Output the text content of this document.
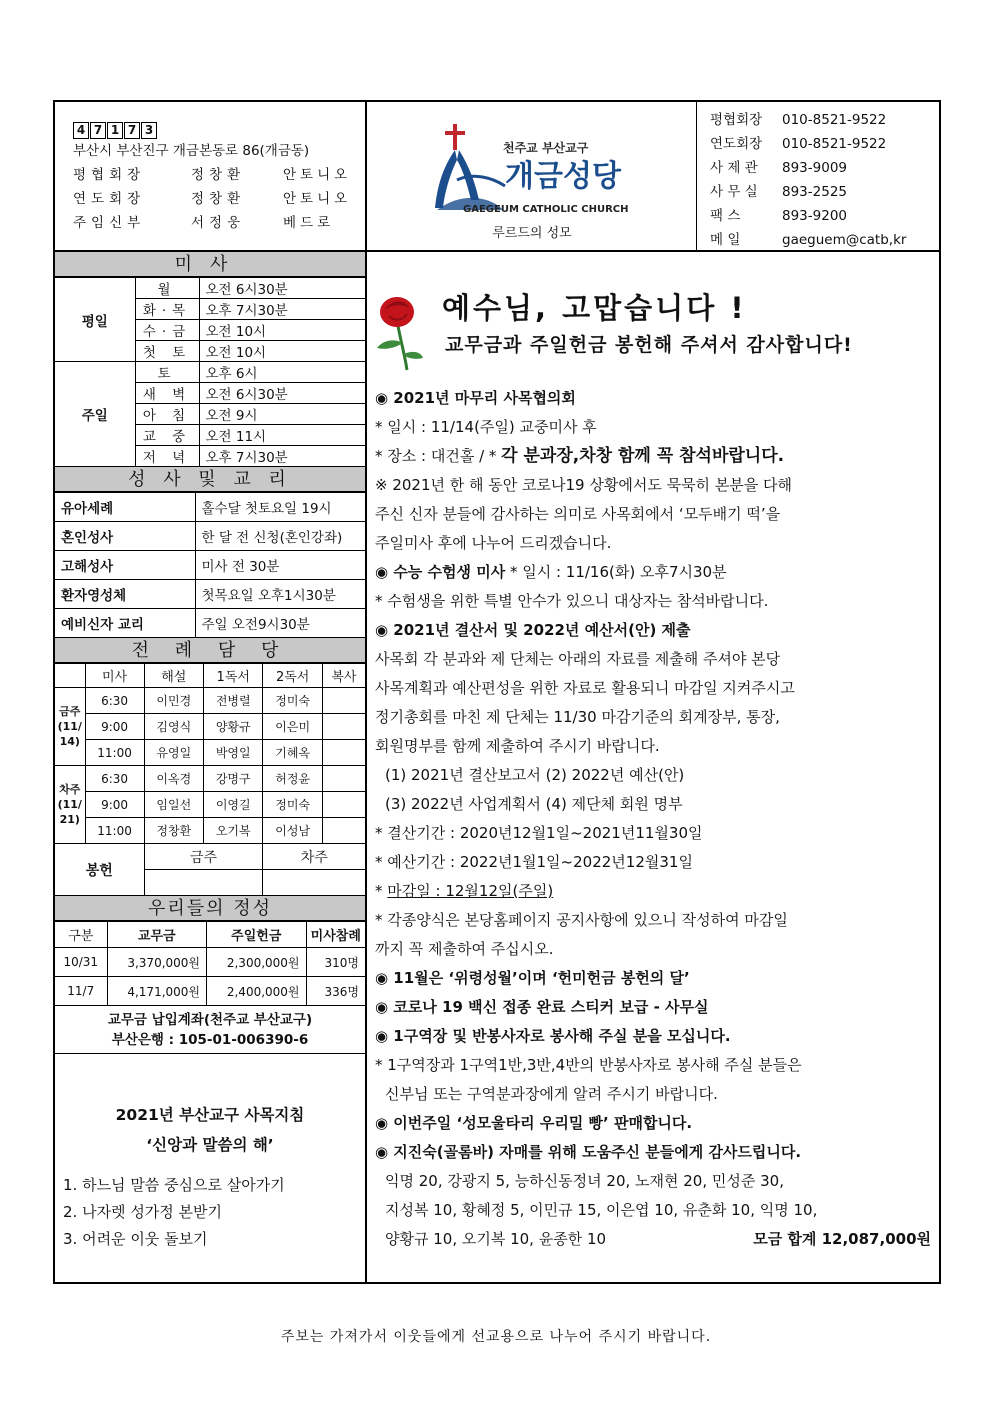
4 7 1 7 3
부산시 부산진구 개금본동로 86(개금동)
평협회장	정창환	안토니오
연도회장	정창환	안토니오
주임신부	서정웅	베드로
천주교 부산교구
개금성당
GAEGEUM CATHOLIC CHURCH
루르드의 성모
평협회장	010-8521-9522
연도회장	010-8521-9522
사 제 관	893-9009
사 무 실	893-2525
팩 스	893-9200
메 일	gaeguem@catb,kr
미사
평일	월	오전 6시30분
	화·목	오후 7시30분
	수·금	오전 10시
	첫 토	오전 10시
주일	토	오후 6시
	새 벽	오전 6시30분
	아 침	오전 9시
	교 중	오전 11시
	저 녁	오후 7시30분
성 사 및 교 리
유아세례	홀수달 첫토요일 19시
혼인성사	한 달 전 신청(혼인강좌)
고해성사	미사 전 30분
환자영성체	첫목요일 오후1시30분
예비신자 교리	주일 오전9시30분
전 례 담 당
	미사	해설	1독서	2독서	복사
금주 (11/ 14)	6:30	이민경	전병렬	정미숙	
	9:00	김영식	양황규	이은미	
	11:00	유영일	박영일	기혜옥	
차주 (11/ 21)	6:30	이옥경	강명구	허정윤	
	9:00	임일선	이영길	정미숙	
	11:00	정창환	오기복	이성남	
봉헌		금주		차주	

우리들의 정성
구분	교무금	주일헌금	미사참례
10/31	3,370,000원	2,300,000원	310명
11/7	4,171,000원	2,400,000원	336명
교무금 납입계좌(천주교 부산교구)
부산은행 : 105-01-006390-6
2021년 부산교구 사목지침
‘신앙과 말씀의 해’
1. 하느님 말씀 중심으로 살아가기
2. 나자렛 성가정 본받기
3. 어려운 이웃 돌보기
예수님, 고맙습니다 !
교무금과 주일헌금 봉헌해 주셔서 감사합니다!
◉ 2021년 마무리 사목협의회
* 일시 : 11/14(주일) 교중미사 후
* 장소 : 대건홀 / * 각 분과장,차창 함께 꼭 참석바랍니다.
※ 2021년 한 해 동안 코로나19 상황에서도 묵묵히 본분을 다해
주신 신자 분들에 감사하는 의미로 사목회에서 ‘모두배기 떡’을
주일미사 후에 나누어 드리겠습니다.
◉ 수능 수험생 미사 * 일시 : 11/16(화) 오후7시30분
* 수험생을 위한 특별 안수가 있으니 대상자는 참석바랍니다.
◉ 2021년 결산서 및 2022년 예산서(안) 제출
사목회 각 분과와 제 단체는 아래의 자료를 제출해 주셔야 본당
사목계획과 예산편성을 위한 자료로 활용되니 마감일 지켜주시고
정기총회를 마친 제 단체는 11/30 마감기준의 회계장부, 통장,
회원명부를 함께 제출하여 주시기 바랍니다.
(1) 2021년 결산보고서 (2) 2022년 예산(안)
(3) 2022년 사업계획서 (4) 제단체 회원 명부
* 결산기간 : 2020년12월1일~2021년11월30일
* 예산기간 : 2022년1월1일~2022년12월31일
* 마감일 : 12월12일(주일)
* 각종양식은 본당홈페이지 공지사항에 있으니 작성하여 마감일
까지 꼭 제출하여 주십시오.
◉ 11월은 ‘위령성월’이며 ‘헌미헌금 봉헌의 달’
◉ 코로나 19 백신 접종 완료 스티커 보급 - 사무실
◉ 1구역장 및 반봉사자로 봉사해 주실 분을 모십니다.
* 1구역장과 1구역1반,3반,4반의 반봉사자로 봉사해 주실 분들은
신부님 또는 구역분과장에게 알려 주시기 바랍니다.
◉ 이번주일 ‘성모울타리 우리밀 빵’ 판매합니다.
◉ 지진숙(골롬바) 자매를 위해 도움주신 분들에게 감사드립니다.
익명 20, 강광지 5, 능하신동정녀 20, 노재현 20, 민성준 30,
지성복 10, 황혜정 5, 이민규 15, 이은엽 10, 유춘화 10, 익명 10,
양황규 10, 오기복 10, 윤종한 10	모금 합계 12,087,000원
주보는 가져가서 이웃들에게 선교용으로 나누어 주시기 바랍니다.
